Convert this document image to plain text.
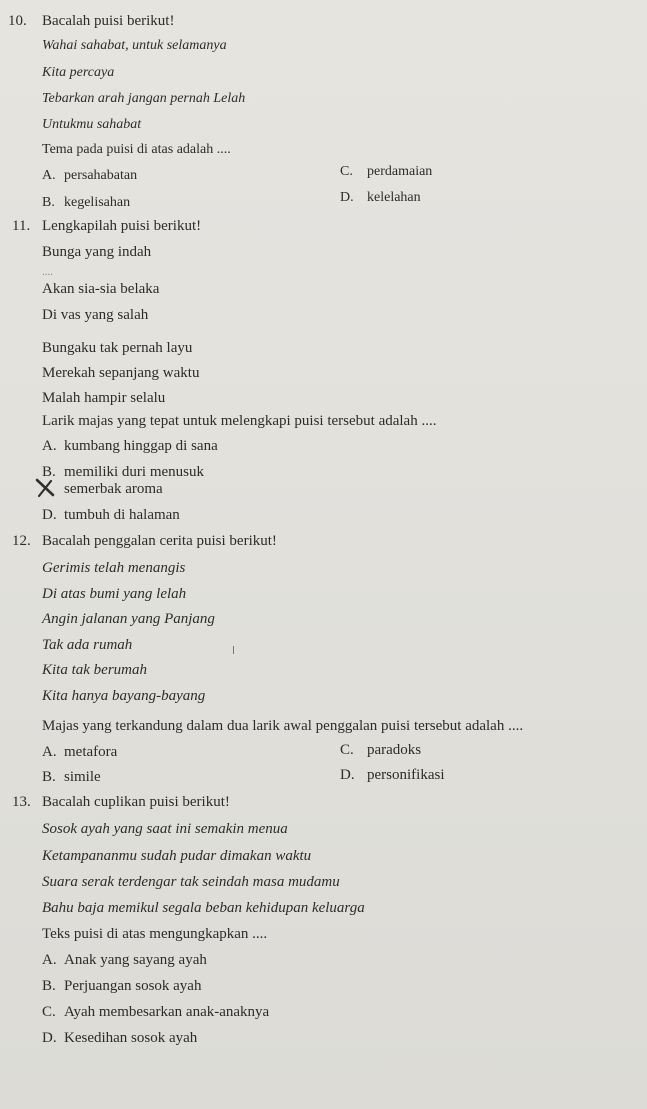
10. Bacalah puisi berikut!
Wahai sahabat, untuk selamanya
Kita percaya
Tebarkan arah jangan pernah Lelah
Untukmu sahabat
Tema pada puisi di atas adalah ....
A. persahabatan	C. perdamaian
B. kegelisahan	D. kelelahan
11. Lengkapilah puisi berikut!
Bunga yang indah
....
Akan sia-sia belaka
Di vas yang salah
Bungaku tak pernah layu
Merekah sepanjang waktu
Malah hampir selalu
Larik majas yang tepat untuk melengkapi puisi tersebut adalah ....
A. kumbang hinggap di sana
B. memiliki duri menusuk
semerbak aroma
D. tumbuh di halaman
12. Bacalah penggalan cerita puisi berikut!
Gerimis telah menangis
Di atas bumi yang lelah
Angin jalanan yang Panjang
Tak ada rumah
Kita tak berumah
Kita hanya bayang-bayang
Majas yang terkandung dalam dua larik awal penggalan puisi tersebut adalah ....
A. metafora	C. paradoks
B. simile	D. personifikasi
13. Bacalah cuplikan puisi berikut!
Sosok ayah yang saat ini semakin menua
Ketampananmu sudah pudar dimakan waktu
Suara serak terdengar tak seindah masa mudamu
Bahu baja memikul segala beban kehidupan keluarga
Teks puisi di atas mengungkapkan ....
A. Anak yang sayang ayah
B. Perjuangan sosok ayah
C. Ayah membesarkan anak-anaknya
D. Kesedihan sosok ayah
